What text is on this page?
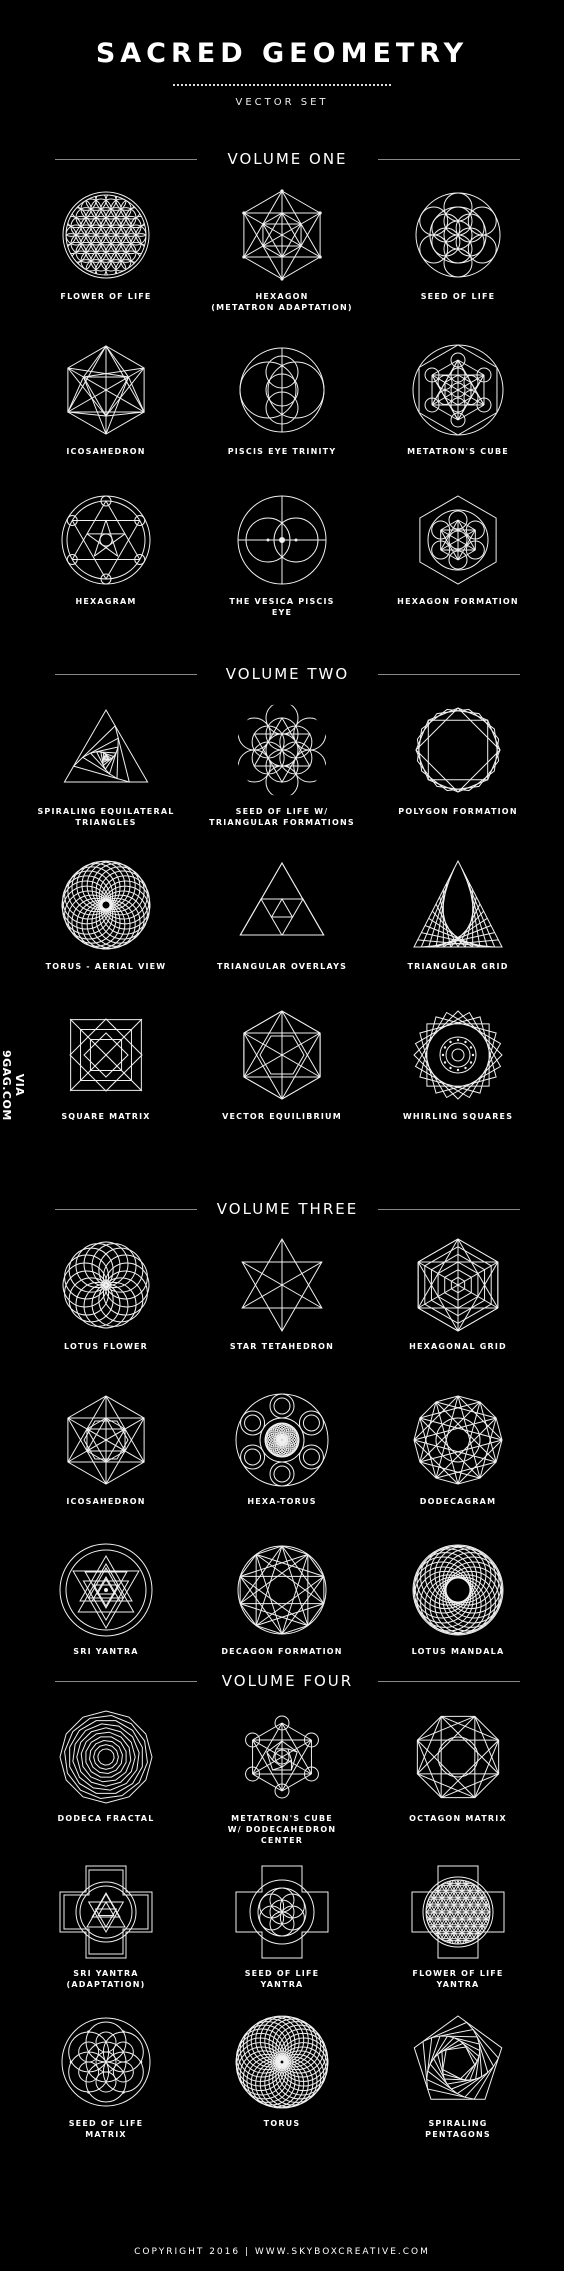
SACRED GEOMETRY
VECTOR SET
VOLUME ONE
FLOWER OF LIFE	HEXAGON
(METATRON ADAPTATION)
SEED OF LIFE
ICOSAHEDRON	PISCIS EYE TRINITY	METATRON'S CUBE
HEXAGRAM	THE VESICA PISCIS
EYE
HEXAGON FORMATION
VOLUME TWO
SPIRALING EQUILATERAL
TRIANGLES
SEED OF LIFE W/
TRIANGULAR FORMATIONS
POLYGON FORMATION
TORUS - AERIAL VIEW	TRIANGULAR OVERLAYS	TRIANGULAR GRID
SQUARE MATRIX	VECTOR EQUILIBRIUM	WHIRLING SQUARES
VOLUME THREE
LOTUS FLOWER	STAR TETAHEDRON	HEXAGONAL GRID
ICOSAHEDRON	HEXA-TORUS	DODECAGRAM
SRI YANTRA	DECAGON FORMATION	LOTUS MANDALA
VOLUME FOUR
DODECA FRACTAL	METATRON'S CUBE
W/ DODECAHEDRON CENTER
OCTAGON MATRIX
SRI YANTRA
(ADAPTATION)
SEED OF LIFE
YANTRA
FLOWER OF LIFE
YANTRA
SEED OF LIFE
MATRIX
TORUS	SPIRALING
PENTAGONS
VIA 9GAG.COM
COPYRIGHT 2016 | WWW.SKYBOXCREATIVE.COM
